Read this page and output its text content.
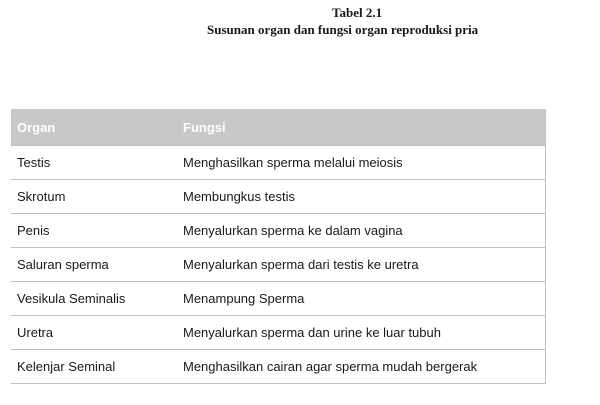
Tabel 2.1
Susunan organ dan fungsi organ reproduksi pria
Organ	Fungsi
Testis	Menghasilkan sperma melalui meiosis
Skrotum	Membungkus testis
Penis	Menyalurkan sperma ke dalam vagina
Saluran sperma	Menyalurkan sperma dari testis ke uretra
Vesikula Seminalis	Menampung Sperma
Uretra	Menyalurkan sperma dan urine ke luar tubuh
Kelenjar Seminal	Menghasilkan cairan agar sperma mudah bergerak
